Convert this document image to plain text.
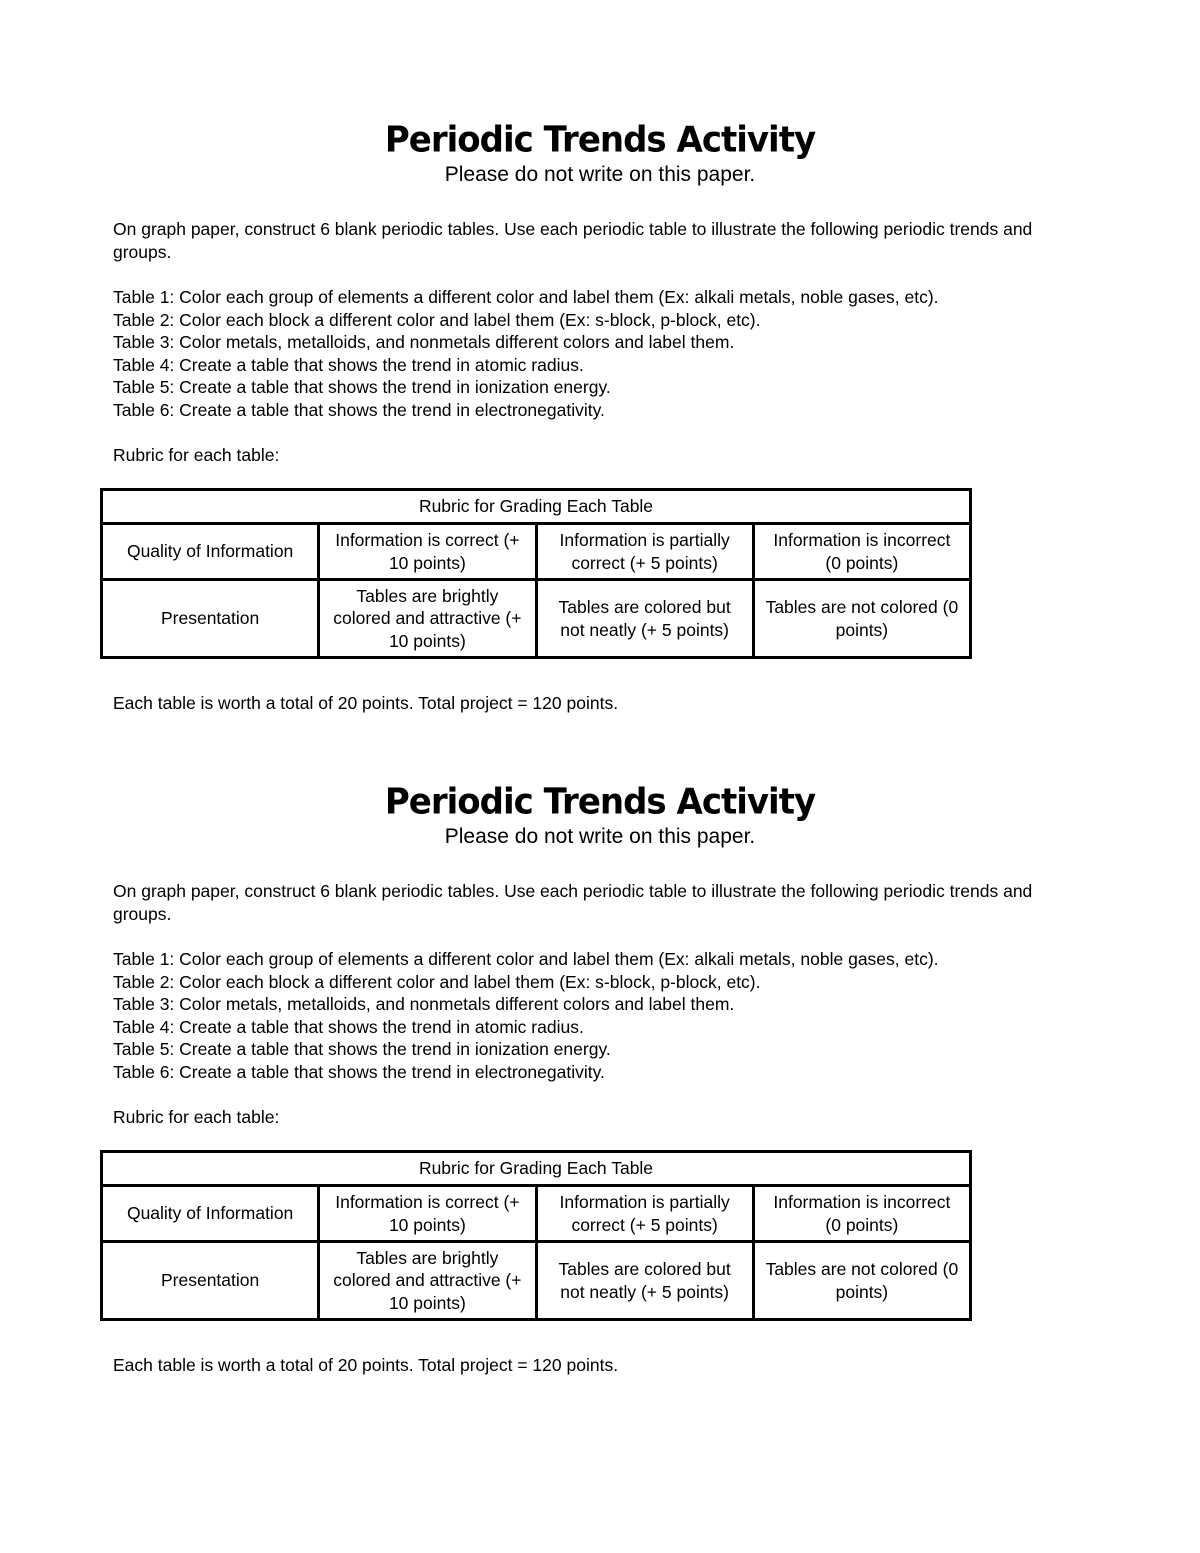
Periodic Trends Activity

Please do not write on this paper.

On graph paper, construct 6 blank periodic tables. Use each periodic table to illustrate the following periodic trends and groups.

Table 1: Color each group of elements a different color and label them (Ex: alkali metals, noble gases, etc).
Table 2: Color each block a different color and label them (Ex: s-block, p-block, etc).
Table 3: Color metals, metalloids, and nonmetals different colors and label them.
Table 4: Create a table that shows the trend in atomic radius.
Table 5: Create a table that shows the trend in ionization energy.
Table 6: Create a table that shows the trend in electronegativity.

Rubric for each table:

Rubric for Grading Each Table			
Quality of Information	Information is correct (+ 10 points)	Information is partially correct (+ 5 points)	Information is incorrect (0 points)
Presentation	Tables are brightly colored and attractive (+ 10 points)	Tables are colored but not neatly (+ 5 points)	Tables are not colored (0 points)

Each table is worth a total of 20 points. Total project = 120 points.

Periodic Trends Activity

Please do not write on this paper.

On graph paper, construct 6 blank periodic tables. Use each periodic table to illustrate the following periodic trends and groups.

Table 1: Color each group of elements a different color and label them (Ex: alkali metals, noble gases, etc).
Table 2: Color each block a different color and label them (Ex: s-block, p-block, etc).
Table 3: Color metals, metalloids, and nonmetals different colors and label them.
Table 4: Create a table that shows the trend in atomic radius.
Table 5: Create a table that shows the trend in ionization energy.
Table 6: Create a table that shows the trend in electronegativity.

Rubric for each table:

Rubric for Grading Each Table			
Quality of Information	Information is correct (+ 10 points)	Information is partially correct (+ 5 points)	Information is incorrect (0 points)
Presentation	Tables are brightly colored and attractive (+ 10 points)	Tables are colored but not neatly (+ 5 points)	Tables are not colored (0 points)

Each table is worth a total of 20 points. Total project = 120 points.
